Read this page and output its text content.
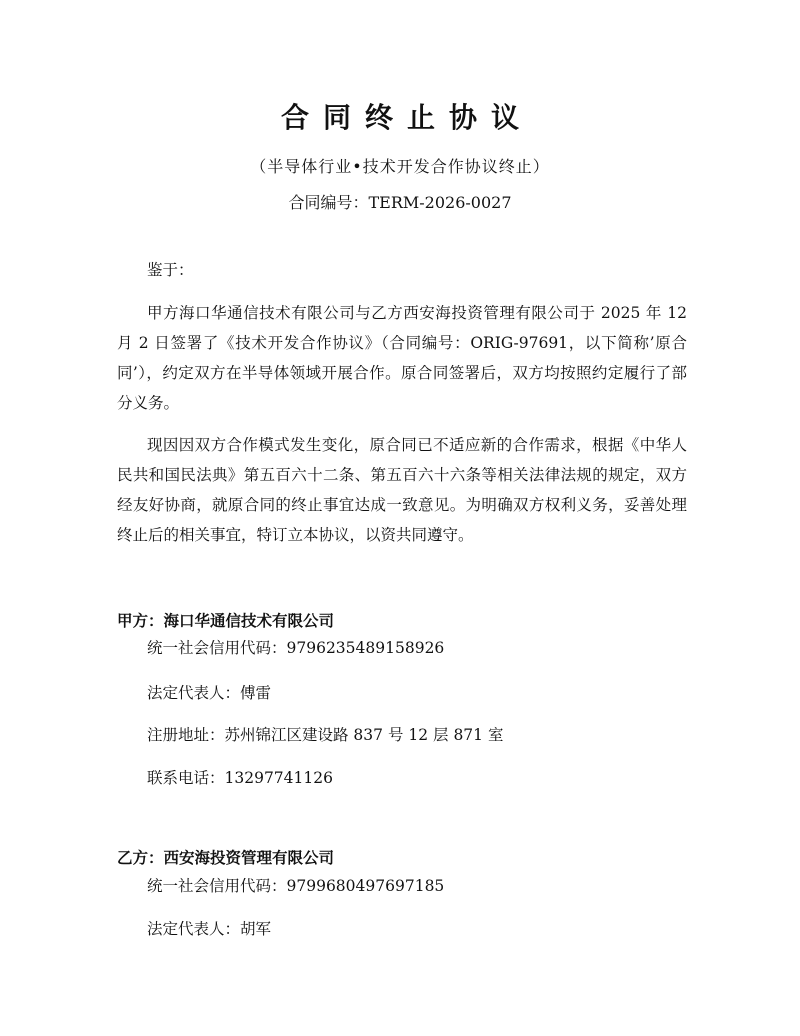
合同终止协议
（半导体行业•技术开发合作协议终止）
合同编号：TERM-2026-0027
鉴于：
甲方海口华通信技术有限公司与乙方西安海投资管理有限公司于 2025 年 12 月 2 日签署了《技术开发合作协议》（合同编号：ORIG-97691，以下简称’原合同’），约定双方在半导体领域开展合作。原合同签署后，双方均按照约定履行了部分义务。
现因因双方合作模式发生变化，原合同已不适应新的合作需求，根据《中华人民共和国民法典》第五百六十二条、第五百六十六条等相关法律法规的规定，双方经友好协商，就原合同的终止事宜达成一致意见。为明确双方权利义务，妥善处理终止后的相关事宜，特订立本协议，以资共同遵守。
甲方：海口华通信技术有限公司
统一社会信用代码：9796235489158926
法定代表人：傅雷
注册地址：苏州锦江区建设路 837 号 12 层 871 室
联系电话：13297741126
乙方：西安海投资管理有限公司
统一社会信用代码：9799680497697185
法定代表人：胡军
